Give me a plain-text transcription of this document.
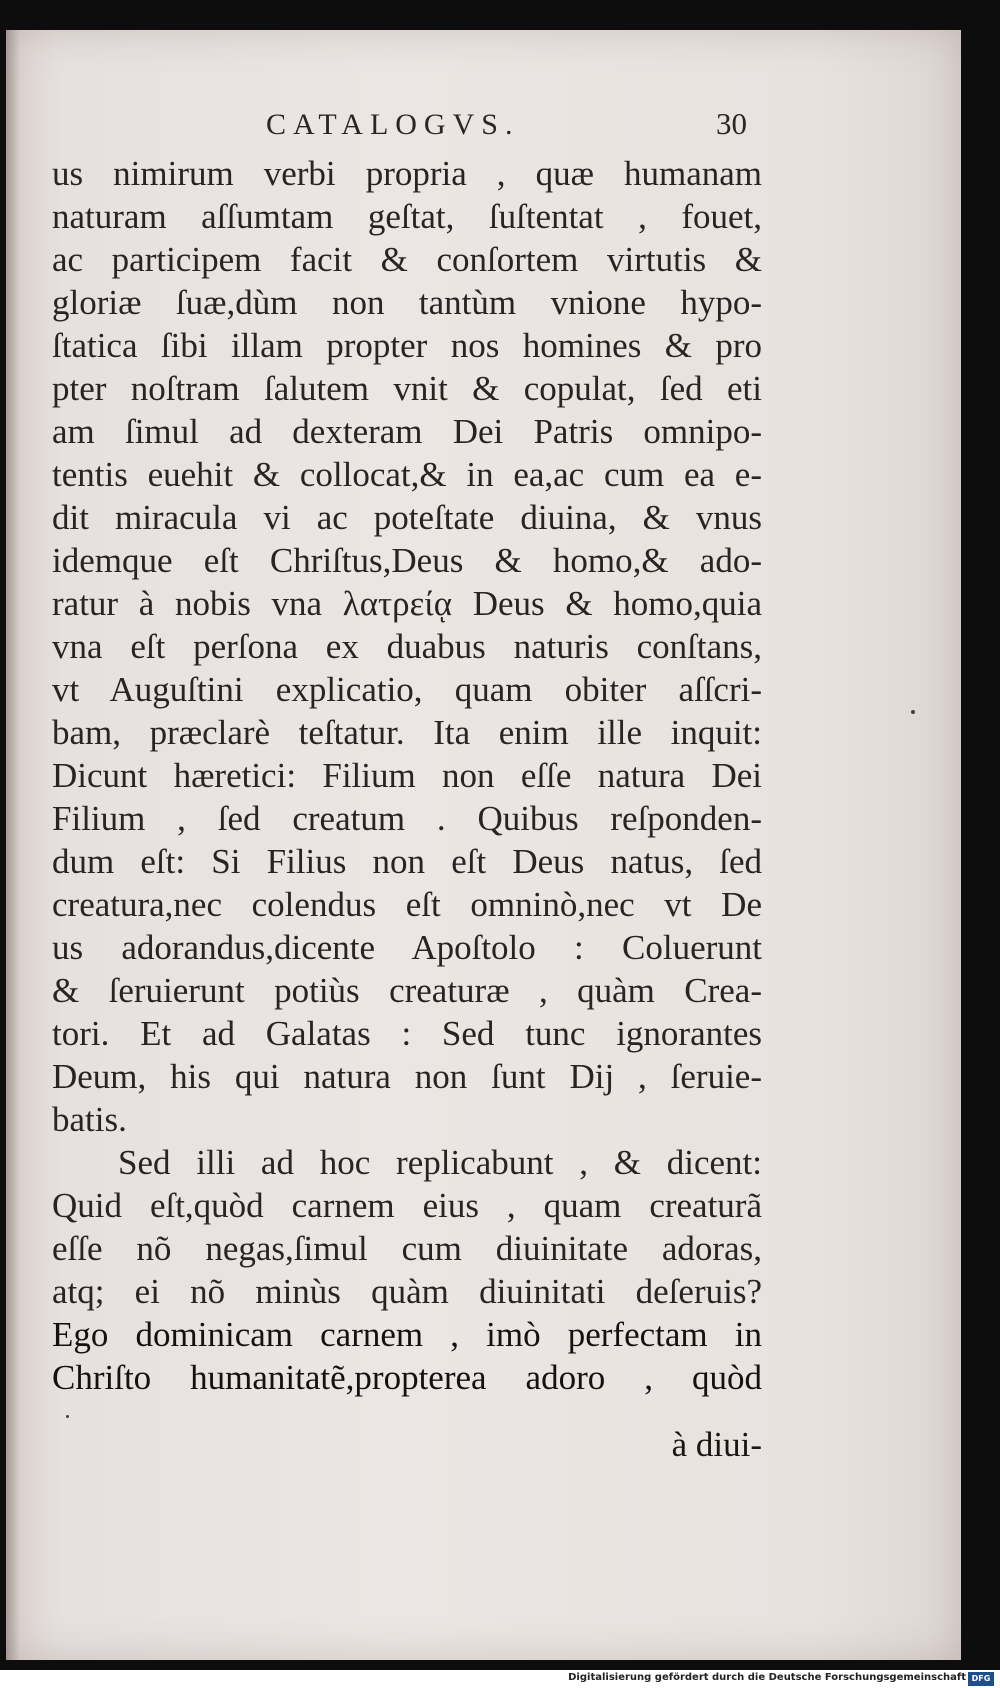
CATALOGVS.	30
us nimirum verbi propria , quæ humanam
naturam aſſumtam geſtat, ſuſtentat , fouet,
ac participem facit & conſortem virtutis &
gloriæ ſuæ,dùm non tantùm vnione hypo-
ſtatica ſibi illam propter nos homines & pro
pter noſtram ſalutem vnit & copulat, ſed eti
am ſimul ad dexteram Dei Patris omnipo-
tentis euehit & collocat,& in ea,ac cum ea e-
dit miracula vi ac poteſtate diuina, & vnus
idemque eſt Chriſtus,Deus & homo,& ado-
ratur à nobis vna λατρείᾳ Deus & homo,quia
vna eſt perſona ex duabus naturis conſtans,
vt Auguſtini explicatio, quam obiter aſſcri-
bam, præclarè teſtatur. Ita enim ille inquit:
Dicunt hæretici: Filium non eſſe natura Dei
Filium , ſed creatum . Quibus reſponden-
dum eſt: Si Filius non eſt Deus natus, ſed
creatura,nec colendus eſt omninò,nec vt De
us adorandus,dicente Apoſtolo : Coluerunt
& ſeruierunt potiùs creaturæ , quàm Crea-
tori. Et ad Galatas : Sed tunc ignorantes
Deum, his qui natura non ſunt Dij , ſeruie-
batis.
Sed illi ad hoc replicabunt , & dicent:
Quid eſt,quòd carnem eius , quam creaturã
eſſe nõ negas,ſimul cum diuinitate adoras,
atq; ei nõ minùs quàm diuinitati deſeruis?
Ego dominicam carnem , imò perfectam in
Chriſto humanitatẽ,propterea adoro , quòd
à diui-
Digitalisierung gefördert durch die Deutsche Forschungsgemeinschaft DFG
